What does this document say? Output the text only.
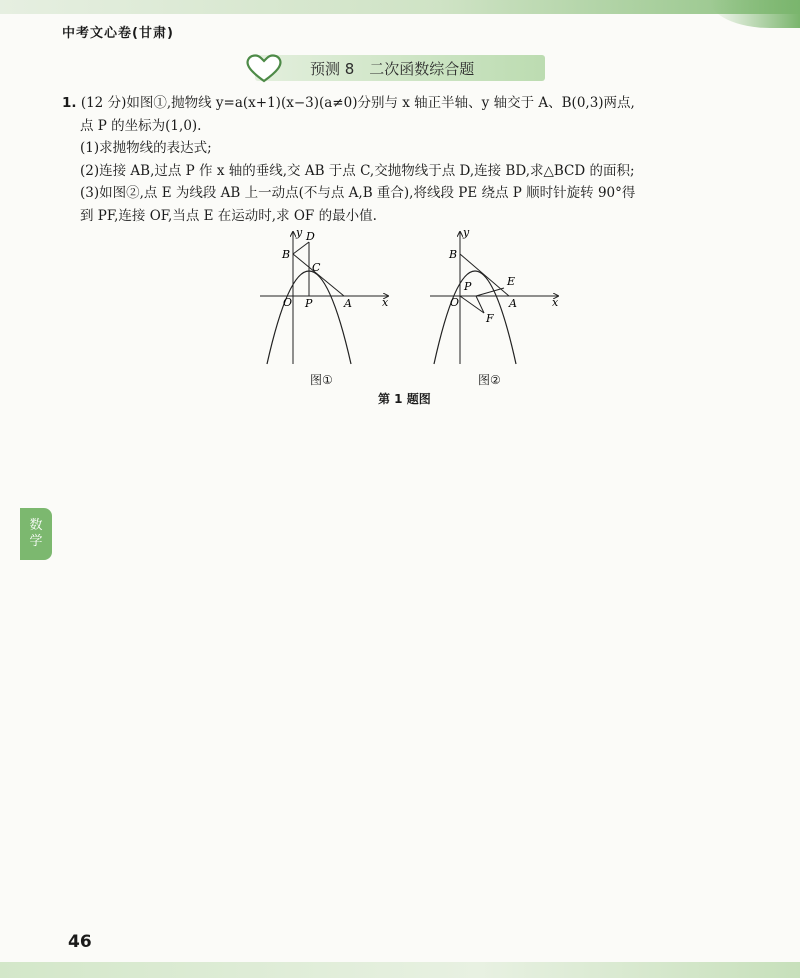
中考文心卷(甘肃)
预测 8　二次函数综合题

1. (12 分)如图①,抛物线 y=a(x+1)(x−3)(a≠0)分别与 x 轴正半轴、y 轴交于 A、B(0,3)两点,

点 P 的坐标为(1,0).

(1)求抛物线的表达式;

(2)连接 AB,过点 P 作 x 轴的垂线,交 AB 于点 C,交抛物线于点 D,连接 BD,求△BCD 的面积;

(3)如图②,点 E 为线段 AB 上一动点(不与点 A,B 重合),将线段 PE 绕点 P 顺时针旋转 90°得

到 PF,连接 OF,当点 E 在运动时,求 OF 的最小值.

O P	A
B
C
D
x
y
图①
O
P
A
B
E
F
x
y
图②
第 1 题图
数
学
46
